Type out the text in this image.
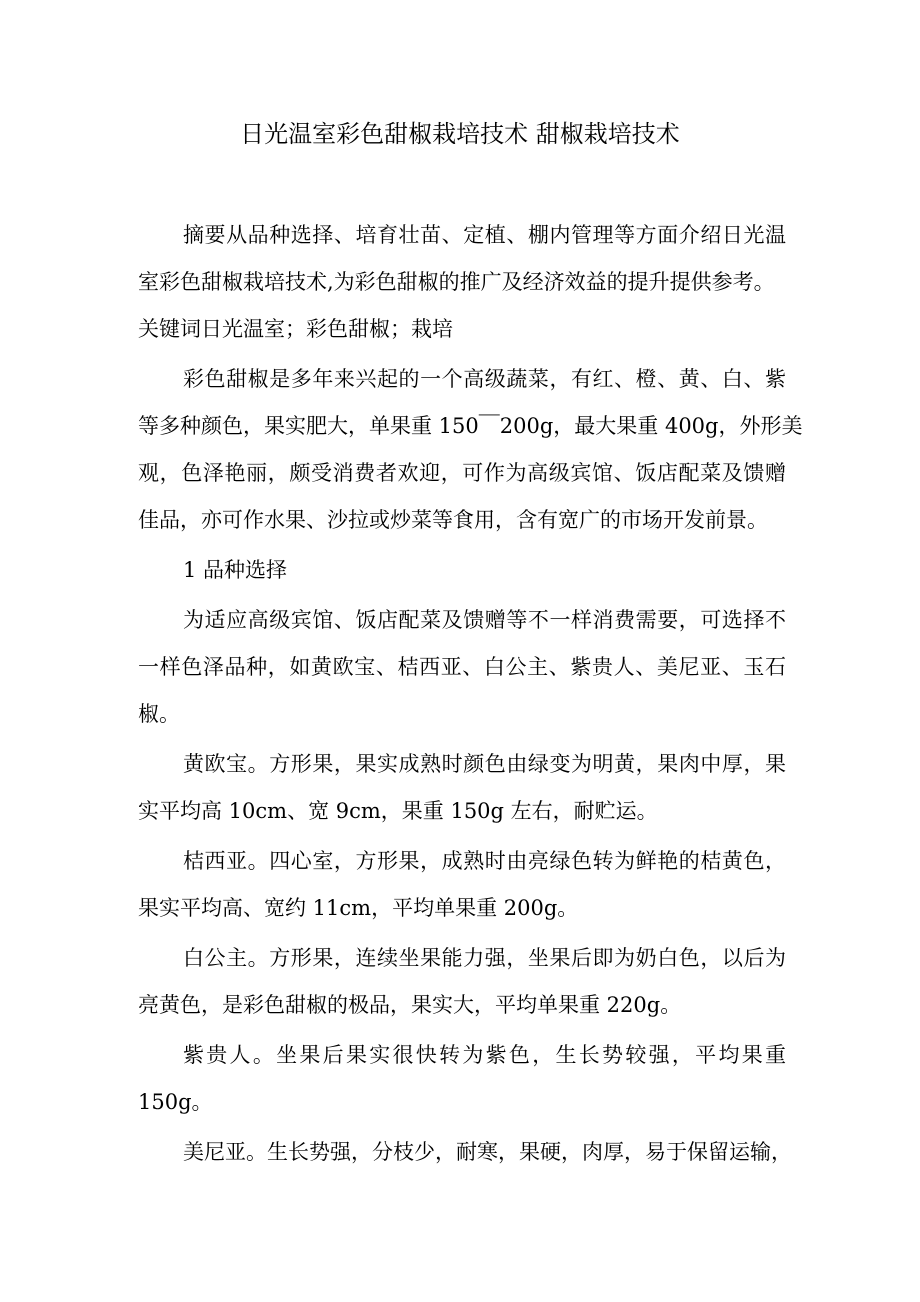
日光温室彩色甜椒栽培技术 甜椒栽培技术
摘要从品种选择、培育壮苗、定植、棚内管理等方面介绍日光温
室彩色甜椒栽培技术,为彩色甜椒的推广及经济效益的提升提供参考。
关键词日光温室；彩色甜椒；栽培
彩色甜椒是多年来兴起的一个高级蔬菜，有红、橙、黄、白、紫
等多种颜色，果实肥大，单果重 150￣200g，最大果重 400g，外形美
观，色泽艳丽，颇受消费者欢迎，可作为高级宾馆、饭店配菜及馈赠
佳品，亦可作水果、沙拉或炒菜等食用，含有宽广的市场开发前景。
1 品种选择
为适应高级宾馆、饭店配菜及馈赠等不一样消费需要，可选择不
一样色泽品种，如黄欧宝、桔西亚、白公主、紫贵人、美尼亚、玉石
椒。
黄欧宝。方形果，果实成熟时颜色由绿变为明黄，果肉中厚，果
实平均高 10cm、宽 9cm，果重 150g 左右，耐贮运。
桔西亚。四心室，方形果，成熟时由亮绿色转为鲜艳的桔黄色，
果实平均高、宽约 11cm，平均单果重 200g。
白公主。方形果，连续坐果能力强，坐果后即为奶白色，以后为
亮黄色，是彩色甜椒的极品，果实大，平均单果重 220g。
紫贵人。坐果后果实很快转为紫色，生长势较强，平均果重
150g。
美尼亚。生长势强，分枝少，耐寒，果硬，肉厚，易于保留运输，
